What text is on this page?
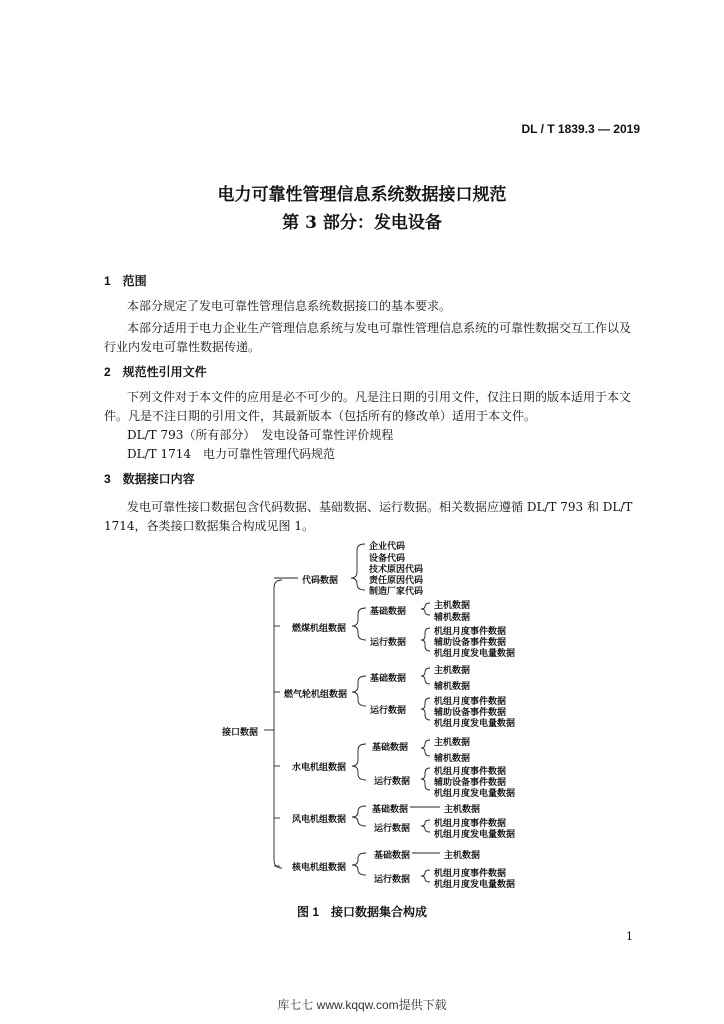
DL / T 1839.3 — 2019
电力可靠性管理信息系统数据接口规范
第 3 部分：发电设备
1　范围
本部分规定了发电可靠性管理信息系统数据接口的基本要求。
本部分适用于电力企业生产管理信息系统与发电可靠性管理信息系统的可靠性数据交互工作以及
行业内发电可靠性数据传递。
2　规范性引用文件
下列文件对于本文件的应用是必不可少的。凡是注日期的引用文件，仅注日期的版本适用于本文
件。凡是不注日期的引用文件，其最新版本（包括所有的修改单）适用于本文件。
DL/T 793（所有部分）　发电设备可靠性评价规程
DL/T 1714　电力可靠性管理代码规范
3　数据接口内容
发电可靠性接口数据包含代码数据、基础数据、运行数据。相关数据应遵循 DL/T 793 和 DL/T
1714，各类接口数据集合构成见图 1。
接口数据
代码数据
企业代码
设备代码
技术原因代码
责任原因代码
制造厂家代码
燃煤机组数据
基础数据
主机数据
辅机数据
运行数据
机组月度事件数据
辅助设备事件数据
机组月度发电量数据
燃气轮机组数据
基础数据
主机数据
辅机数据
运行数据
机组月度事件数据
辅助设备事件数据
机组月度发电量数据
水电机组数据
基础数据	主机数据
辅机数据
运行数据
机组月度事件数据
辅助设备事件数据
机组月度发电量数据
风电机组数据
基础数据	主机数据
运行数据	机组月度事件数据
机组月度发电量数据
核电机组数据
基础数据	主机数据
运行数据
机组月度事件数据
机组月度发电量数据
图 1　接口数据集合构成
1
库七七 www.kqqw.com提供下载
